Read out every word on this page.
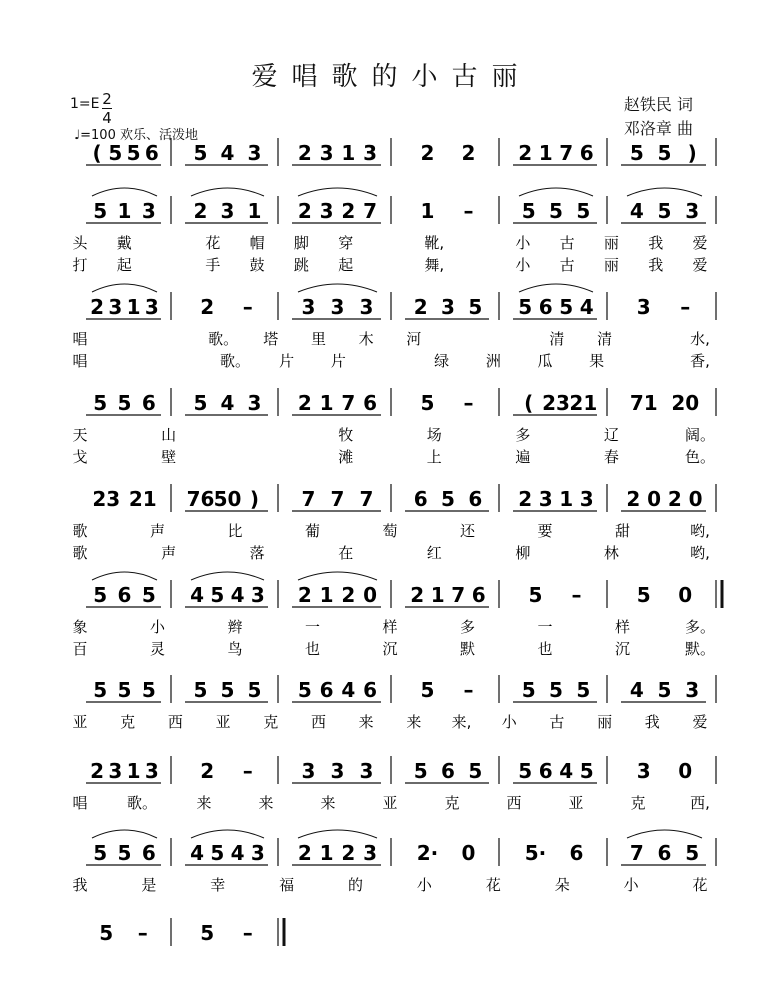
爱唱歌的小古丽
1=E 2
4
♩=100 欢乐、活泼地
赵铁民 词
邓洛章 曲
( 5 5 6 5 4 3 2 3 1 3 2 2 2 1 7 6 5 5 )
5 1 3 2 3 1 2 3 2 7 1 – 5 5 5 4 5 3
头 戴	花 帽 脚 穿	靴,	小 古 丽 我 爱
打 起	手 鼓 跳 起	舞,	小 古 丽 我 爱
2 3 1 3 2 – 3 3 3 2 3 5 5 6 5 4 3 –
唱	歌。 塔 里 木 河	清 清	水,
唱	歌。 片 片	绿 洲 瓜 果	香,
5 5 6 5 4 3 2 1 7 6 5 –	( 23 21 71 20
天	山	牧	场	多	辽	阔。
戈	壁	滩	上	遍	春	色。
23 21 76 50 ) 7 7 7 6 5 6 2 3 1 3 2 0 2 0
歌	声	比	葡	萄	还	要	甜	哟,
歌	声	落	在	红	柳	林	哟,
5 6 5 4 5 4 3 2 1 2 0 2 1 7 6 5 –	5 0
象	小	辫	一	样	多	一	样	多。
百	灵	鸟	也	沉	默	也	沉	默。
5 5 5 5 5 5 5 6 4 6 5 – 5 5 5 4 5 3
亚 克 西 亚 克 西 来 来 来, 小 古 丽 我 爱
2 3 1 3 2 – 3 3 3 5 6 5 5 6 4 5 3 0
唱	歌。	来	来	来	亚	克	西	亚	克	西,
5 5 6 4 5 4 3 2 1 2 3 2· 0 5· 6 7 6 5
我	是	幸	福	的	小	花	朵	小	花
5 –	5 –
